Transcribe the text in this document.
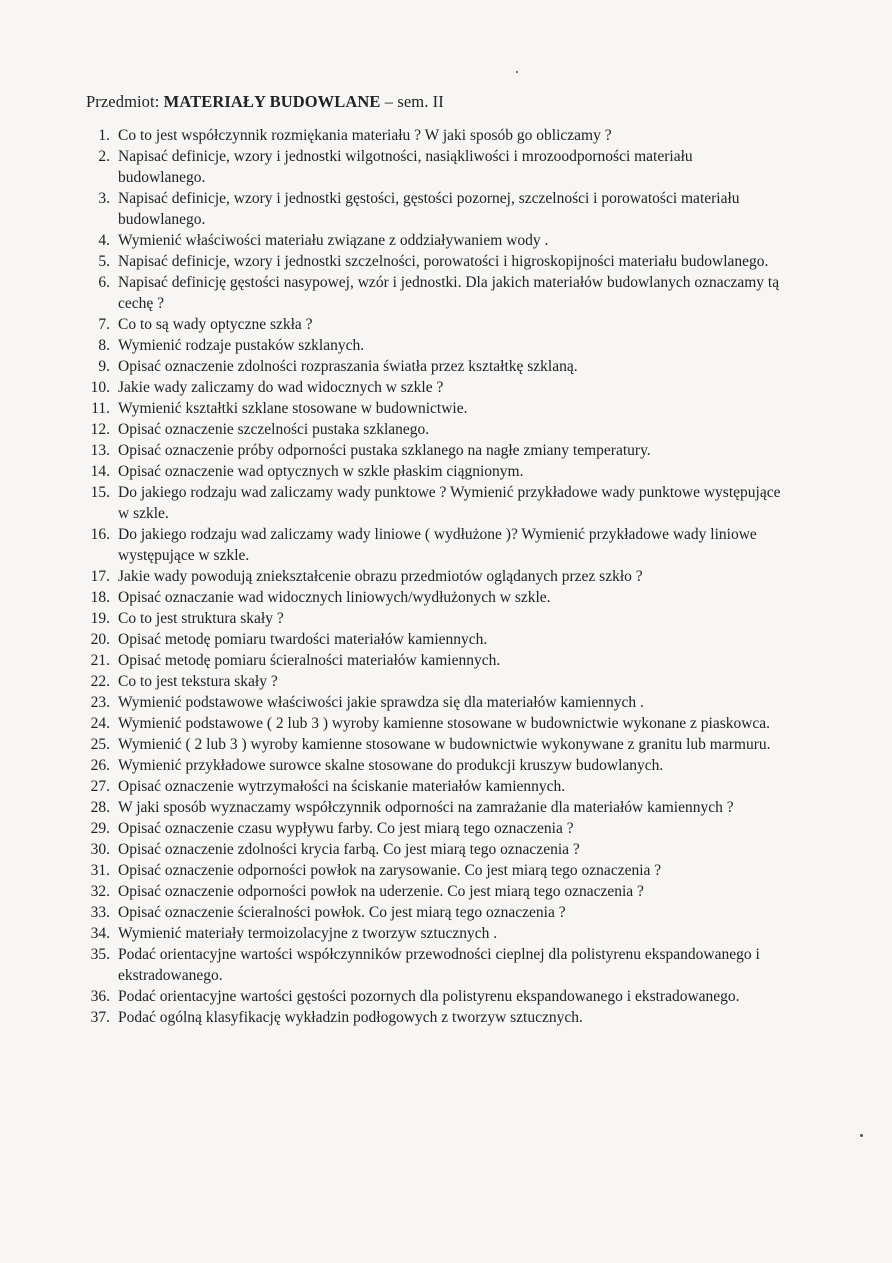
Przedmiot: MATERIAŁY BUDOWLANE – sem. II
1. Co to jest współczynnik rozmiękania materiału ? W jaki sposób go obliczamy ?
2. Napisać definicje, wzory i jednostki wilgotności, nasiąkliwości i mrozoodporności materiału budowlanego.
3. Napisać definicje, wzory i jednostki gęstości, gęstości pozornej, szczelności i porowatości materiału budowlanego.
4. Wymienić właściwości materiału związane z oddziaływaniem wody .
5. Napisać definicje, wzory i jednostki szczelności, porowatości i higroskopijności materiału budowlanego.
6. Napisać definicję gęstości nasypowej, wzór i jednostki. Dla jakich materiałów budowlanych oznaczamy tą cechę ?
7. Co to są wady optyczne szkła ?
8. Wymienić rodzaje pustaków szklanych.
9. Opisać oznaczenie zdolności rozpraszania światła przez kształtkę szklaną.
10. Jakie wady zaliczamy do wad widocznych w szkle ?
11. Wymienić kształtki szklane stosowane w budownictwie.
12. Opisać oznaczenie szczelności pustaka szklanego.
13. Opisać oznaczenie próby odporności pustaka szklanego na nagłe zmiany temperatury.
14. Opisać oznaczenie wad optycznych w szkle płaskim ciągnionym.
15. Do jakiego rodzaju wad zaliczamy wady punktowe ? Wymienić przykładowe wady punktowe występujące w szkle.
16. Do jakiego rodzaju wad zaliczamy wady liniowe ( wydłużone )? Wymienić przykładowe wady liniowe występujące w szkle.
17. Jakie wady powodują zniekształcenie obrazu przedmiotów oglądanych przez szkło ?
18. Opisać oznaczanie wad widocznych liniowych/wydłużonych w szkle.
19. Co to jest struktura skały ?
20. Opisać metodę pomiaru twardości materiałów kamiennych.
21. Opisać metodę pomiaru ścieralności materiałów kamiennych.
22. Co to jest tekstura skały ?
23. Wymienić podstawowe właściwości jakie sprawdza się dla materiałów kamiennych .
24. Wymienić podstawowe ( 2 lub 3 ) wyroby kamienne stosowane w budownictwie wykonane z piaskowca.
25. Wymienić ( 2 lub 3 ) wyroby kamienne stosowane w budownictwie wykonywane z granitu lub marmuru.
26. Wymienić przykładowe surowce skalne stosowane do produkcji kruszyw budowlanych.
27. Opisać oznaczenie wytrzymałości na ściskanie materiałów kamiennych.
28. W jaki sposób wyznaczamy współczynnik odporności na zamrażanie dla materiałów kamiennych ?
29. Opisać oznaczenie czasu wypływu farby. Co jest miarą tego oznaczenia ?
30. Opisać oznaczenie zdolności krycia farbą. Co jest miarą tego oznaczenia ?
31. Opisać oznaczenie odporności powłok na zarysowanie. Co jest miarą tego oznaczenia ?
32. Opisać oznaczenie odporności powłok na uderzenie. Co jest miarą tego oznaczenia ?
33. Opisać oznaczenie ścieralności powłok. Co jest miarą tego oznaczenia ?
34. Wymienić materiały termoizolacyjne z tworzyw sztucznych .
35. Podać orientacyjne wartości współczynników przewodności cieplnej dla polistyrenu ekspandowanego i ekstradowanego.
36. Podać orientacyjne wartości gęstości pozornych dla polistyrenu ekspandowanego i ekstradowanego.
37. Podać ogólną klasyfikację wykładzin podłogowych z tworzyw sztucznych.
